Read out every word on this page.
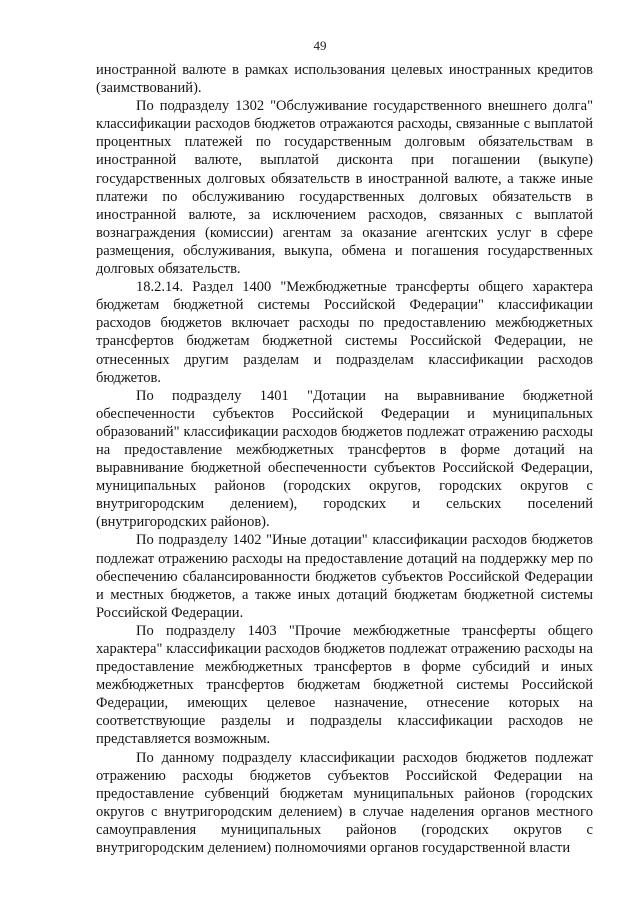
49

иностранной валюте в рамках использования целевых иностранных кредитов (заимствований).

По подразделу 1302 "Обслуживание государственного внешнего долга" классификации расходов бюджетов отражаются расходы, связанные с выплатой процентных платежей по государственным долговым обязательствам в иностранной валюте, выплатой дисконта при погашении (выкупе) государственных долговых обязательств в иностранной валюте, а также иные платежи по обслуживанию государственных долговых обязательств в иностранной валюте, за исключением расходов, связанных с выплатой вознаграждения (комиссии) агентам за оказание агентских услуг в сфере размещения, обслуживания, выкупа, обмена и погашения государственных долговых обязательств.

18.2.14. Раздел 1400 "Межбюджетные трансферты общего характера бюджетам бюджетной системы Российской Федерации" классификации расходов бюджетов включает расходы по предоставлению межбюджетных трансфертов бюджетам бюджетной системы Российской Федерации, не отнесенных другим разделам и подразделам классификации расходов бюджетов.

По подразделу 1401 "Дотации на выравнивание бюджетной обеспеченности субъектов Российской Федерации и муниципальных образований" классификации расходов бюджетов подлежат отражению расходы на предоставление межбюджетных трансфертов в форме дотаций на выравнивание бюджетной обеспеченности субъектов Российской Федерации, муниципальных районов (городских округов, городских округов с внутригородским делением), городских и сельских поселений (внутригородских районов).

По подразделу 1402 "Иные дотации" классификации расходов бюджетов подлежат отражению расходы на предоставление дотаций на поддержку мер по обеспечению сбалансированности бюджетов субъектов Российской Федерации и местных бюджетов, а также иных дотаций бюджетам бюджетной системы Российской Федерации.

По подразделу 1403 "Прочие межбюджетные трансферты общего характера" классификации расходов бюджетов подлежат отражению расходы на предоставление межбюджетных трансфертов в форме субсидий и иных межбюджетных трансфертов бюджетам бюджетной системы Российской Федерации, имеющих целевое назначение, отнесение которых на соответствующие разделы и подразделы классификации расходов не представляется возможным.

По данному подразделу классификации расходов бюджетов подлежат отражению расходы бюджетов субъектов Российской Федерации на предоставление субвенций бюджетам муниципальных районов (городских округов с внутригородским делением) в случае наделения органов местного самоуправления муниципальных районов (городских округов с внутригородским делением) полномочиями органов государственной власти
